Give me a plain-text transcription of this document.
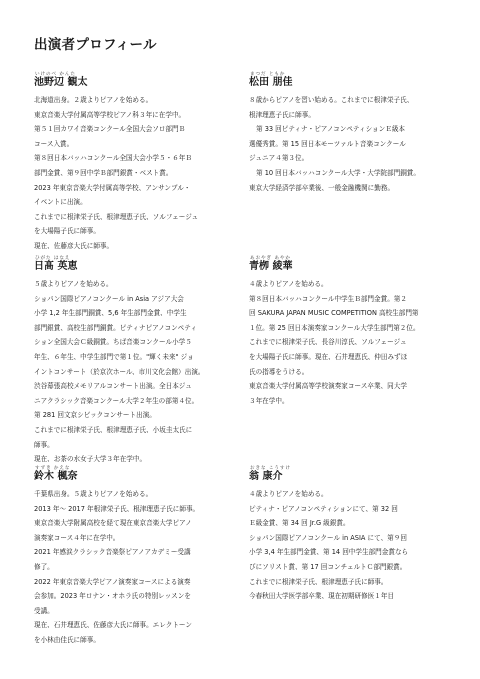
出演者プロフィール
いけのべ かんた
池野辺 観太
北海道出身。２歳よりピアノを始める。
東京音楽大学付属高等学校ピアノ科３年に在学中。
第５１回カワイ音楽コンクール全国大会ソロ部門Ｂ
コース入賞。
第８回日本バッハコンクール全国大会小学５・６年Ｂ
部門金賞、第９回中学Ｂ部門銀賞・ベスト賞。
2023 年東京音楽大学付属高等学校、アンサンブル・
イベントに出演。
これまでに根津栄子氏、根津理恵子氏、ソルフェージュ
を大場陽子氏に師事。
現在、佐藤彦大氏に師事。
まつだ ともか
松田 朋佳
８歳からピアノを習い始める。これまでに根津栄子氏、
根津理恵子氏に師事。
第 33 回ピティナ・ピアノコンペティションＥ級本
選優秀賞。第 15 回日本モーツァルト音楽コンクール
ジュニア４第３位。
第 10 回日本バッハコンクール大学・大学院部門銅賞。
東京大学経済学部卒業後、一般金融機関に勤務。
ひがた はなえ
日髙 英恵
５歳よりピアノを始める。
ショパン国際ピアノコンクール in Asia アジア大会
小学 1,2 年生部門銅賞、5,6 年生部門金賞、中学生
部門銀賞、高校生部門銅賞。ピティナピアノコンペティ
ション全国大会Ｃ級銅賞。ちば音楽コンクール小学５
年生、６年生、中学生部門で第１位。"輝く未来" ジョ
イントコンサート（於京次ホール、市川文化会館）出演。
渋谷幕張高校メモリアルコンサート出演。全日本ジュ
ニアクラシック音楽コンクール大学２年生の部第４位。
第 281 回文京シビックコンサート出演。
これまでに根津栄子氏、根津理恵子氏、小坂圭太氏に
師事。
現在、お茶の水女子大学３年在学中。
あおやぎ あやか
青栁 綾華
４歳よりピアノを始める。
第８回日本バッハコンクール中学生Ｂ部門金賞。第２
回 SAKURA JAPAN MUSIC COMPETITION 高校生部門第
１位。第 25 回日本演奏家コンクール大学生部門第２位。
これまでに根津栄子氏、長谷川淳氏、ソルフェージュ
を大場陽子氏に師事。現在、石井理恵氏、仲田みずほ
氏の指導をうける。
東京音楽大学付属高等学校演奏家コース卒業、同大学
３年在学中。
すずき かえな
鈴木 楓奈
千葉県出身。５歳よりピアノを始める。
2013 年～ 2017 年根津栄子氏、根津理恵子氏に師事。
東京音楽大学附属高校を経て現在東京音楽大学ピアノ
演奏家コース４年に在学中。
2021 年感涙クラシック音楽祭ピアノアカデミー受講
修了。
2022 年東京音楽大学ピアノ演奏家コースによる演奏
会参加。2023 年ロナン・オホラ氏の特別レッスンを
受講。
現在、石井理恵氏、佐藤彦大氏に師事。エレクトーン
を小林由佳氏に師事。
おきな こうすけ
翁 康介
４歳よりピアノを始める。
ピティナ・ピアノコンペティションにて、第 32 回
Ｅ級金賞、第 34 回 Jr.G 級銀賞。
ショパン国際ピアノコンクール in ASIA にて、第９回
小学 3,4 年生部門金賞、第 14 回中学生部門金賞なら
びにソリスト賞、第 17 回コンチェルトＣ部門銀賞。
これまでに根津栄子氏、根津理恵子氏に師事。
今春秋田大学医学部卒業、現在初期研修医１年目
